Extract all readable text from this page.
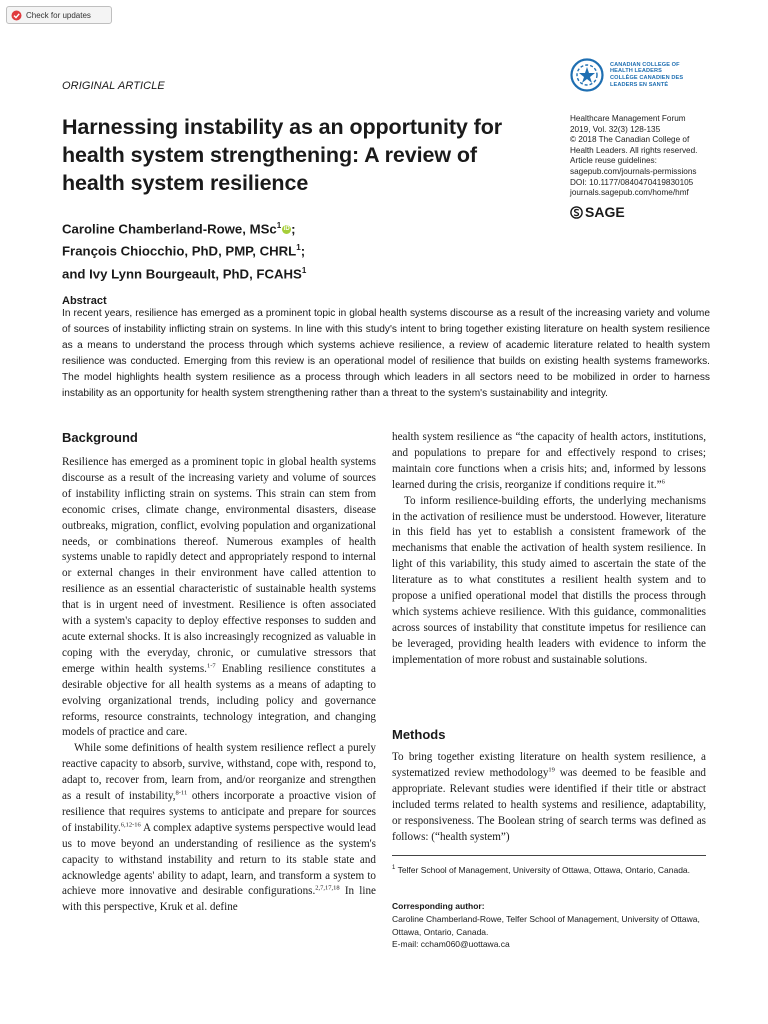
Check for updates
ORIGINAL ARTICLE
CANADIAN COLLEGE OF
HEALTH LEADERS
COLLÈGE CANADIEN DES
LEADERS EN SANTÉ
Harnessing instability as an opportunity for health system strengthening: A review of health system resilience
Healthcare Management Forum
2019, Vol. 32(3) 128-135
© 2018 The Canadian College of
Health Leaders. All rights reserved.
Article reuse guidelines:
sagepub.com/journals-permissions
DOI: 10.1177/0840470419830105
journals.sagepub.com/home/hmf
SAGE
Caroline Chamberland-Rowe, MSc$^1$ iD ;
François Chiocchio, PhD, PMP, CHRL$^1$;
and Ivy Lynn Bourgeault, PhD, FCAHS$^1$
Abstract
In recent years, resilience has emerged as a prominent topic in global health systems discourse as a result of the increasing variety and volume of sources of instability inflicting strain on systems. In line with this study's intent to bring together existing literature on health system resilience as a means to understand the process through which systems achieve resilience, a review of academic literature related to health system resilience was conducted. Emerging from this review is an operational model of resilience that builds on existing health systems frameworks. The model highlights health system resilience as a process through which leaders in all sectors need to be mobilized in order to harness instability as an opportunity for health system strengthening rather than a threat to the system's sustainability and integrity.
Background

Resilience has emerged as a prominent topic in global health systems discourse as a result of the increasing variety and volume of sources of instability inflicting strain on systems. This strain can stem from economic crises, climate change, environmental disasters, disease outbreaks, migration, conflict, evolving population and organizational needs, or combinations thereof. Numerous examples of health systems unable to rapidly detect and appropriately respond to internal or external changes in their environment have called attention to resilience as an essential characteristic of sustainable health systems that is in urgent need of investment. Resilience is often associated with a system's capacity to deploy effective responses to sudden and acute external shocks. It is also increasingly recognized as valuable in coping with the everyday, chronic, or cumulative stressors that emerge within health systems.$^{1-7}$ Enabling resilience constitutes a desirable objective for all health systems as a means of adapting to evolving organizational trends, including policy and governance reforms, resource constraints, technology integration, and changing models of practice and care.

While some definitions of health system resilience reflect a purely reactive capacity to absorb, survive, withstand, cope with, respond to, adapt to, recover from, learn from, and/or reorganize and strengthen as a result of instability,$^{8-11}$ others incorporate a proactive vision of resilience that requires systems to anticipate and prepare for sources of instability.$^{6,12-16}$ A complex adaptive systems perspective would lead us to move beyond an understanding of resilience as the system's capacity to withstand instability and return to its stable state and acknowledge agents' ability to adapt, learn, and transform a system to achieve more innovative and desirable configurations.$^{2,7,17,18}$ In line with this perspective, Kruk et al. define

health system resilience as “the capacity of health actors, institutions, and populations to prepare for and effectively respond to crises; maintain core functions when a crisis hits; and, informed by lessons learned during the crisis, reorganize if conditions require it.”$^6$

To inform resilience-building efforts, the underlying mechanisms in the activation of resilience must be understood. However, literature in this field has yet to establish a consistent framework of the mechanisms that enable the activation of health system resilience. In light of this variability, this study aimed to ascertain the state of the literature as to what constitutes a resilient health system and to propose a unified operational model that distills the process through which systems achieve resilience. With this guidance, commonalities across sources of instability that constitute impetus for resilience can be leveraged, providing health leaders with evidence to inform the implementation of more robust and sustainable solutions.

Methods

To bring together existing literature on health system resilience, a systematized review methodology$^{19}$ was deemed to be feasible and appropriate. Relevant studies were identified if their title or abstract included terms related to health systems and resilience, adaptability, or responsiveness. The Boolean string of search terms was defined as follows: (“health system”)

$^1$ Telfer School of Management, University of Ottawa, Ottawa, Ontario, Canada.
Corresponding author:
Caroline Chamberland-Rowe, Telfer School of Management, University of Ottawa, Ottawa, Ontario, Canada.
E-mail: ccham060@uottawa.ca
